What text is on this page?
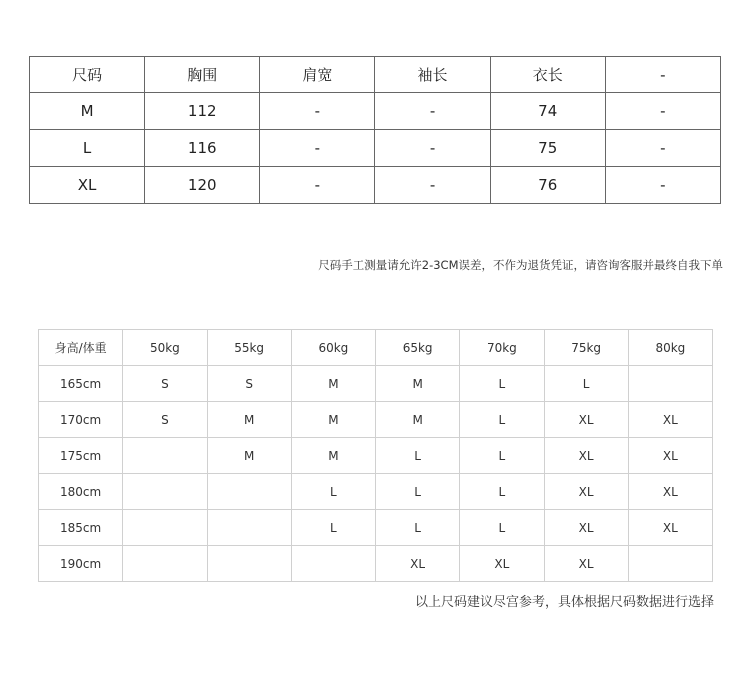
尺码	胸围	肩宽	袖长	衣长	-
M	112	-	-	74	-
L	116	-	-	75	-
XL	120	-	-	76	-
尺码手工测量请允许2-3CM误差，不作为退货凭证，请咨询客服并最终自我下单
身高/体重	50kg	55kg	60kg	65kg	70kg	75kg	80kg
165cm	S	S	M	M	L	L	
170cm	S	M	M	M	L	XL	XL
175cm		M	M	L	L	XL	XL
180cm			L	L	L	XL	XL
185cm			L	L	L	XL	XL
190cm				XL	XL	XL	
以上尺码建议尽宫参考，具体根据尺码数据进行选择
